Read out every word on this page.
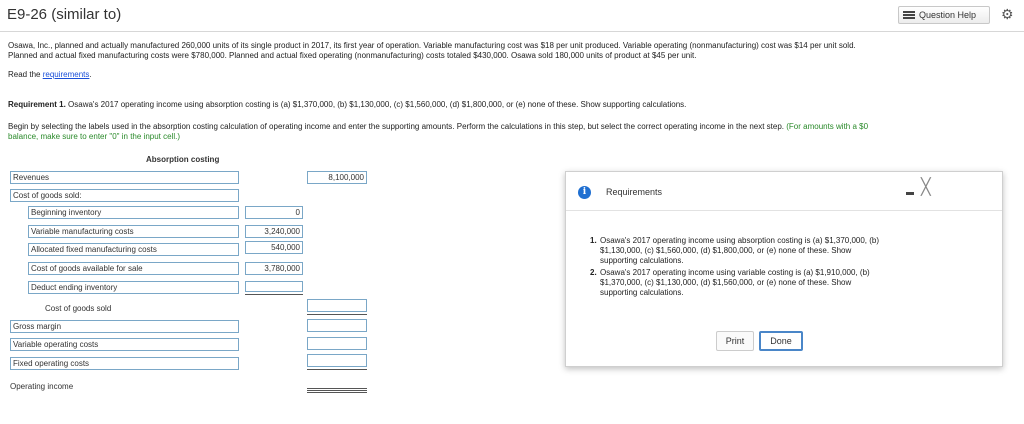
E9-26 (similar to)	Question Help ⚙
Osawa, Inc., planned and actually manufactured 260,000 units of its single product in 2017, its first year of operation. Variable manufacturing cost was $18 per unit produced. Variable operating (nonmanufacturing) cost was $14 per unit sold.
Planned and actual fixed manufacturing costs were $780,000. Planned and actual fixed operating (nonmanufacturing) costs totaled $430,000. Osawa sold 180,000 units of product at $45 per unit.
Read the requirements.
Requirement 1. Osawa's 2017 operating income using absorption costing is (a) $1,370,000, (b) $1,130,000, (c) $1,560,000, (d) $1,800,000, or (e) none of these. Show supporting calculations.
Begin by selecting the labels used in the absorption costing calculation of operating income and enter the supporting amounts. Perform the calculations in this step, but select the correct operating income in the next step. (For amounts with a $0
balance, make sure to enter "0" in the input cell.)
Absorption costing
Revenues	8,100,000
Cost of goods sold:
Beginning inventory	0
Variable manufacturing costs	3,240,000
Allocated fixed manufacturing costs	540,000
Cost of goods available for sale	3,780,000
Deduct ending inventory
Cost of goods sold
Gross margin
Variable operating costs
Fixed operating costs
Operating income
i	Requirements	╳
1. Osawa's 2017 operating income using absorption costing is (a) $1,370,000, (b) $1,130,000, (c) $1,560,000, (d) $1,800,000, or (e) none of these. Show supporting calculations.
2. Osawa's 2017 operating income using variable costing is (a) $1,910,000, (b) $1,370,000, (c) $1,130,000, (d) $1,560,000, or (e) none of these. Show supporting calculations.
Print	Done
